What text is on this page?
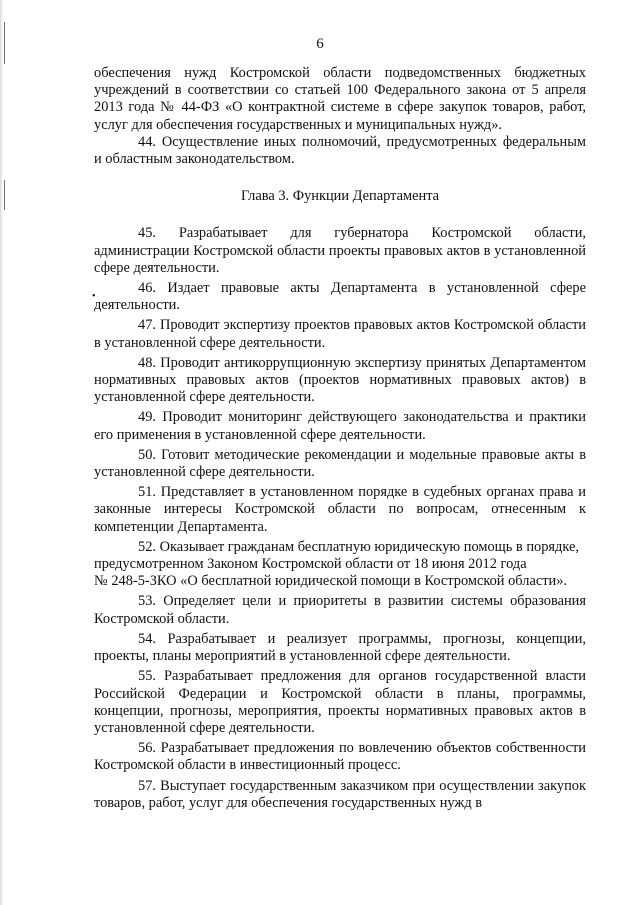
6
•

обеспечения нужд Костромской области подведомственных бюджетных учреждений в соответствии со статьей 100 Федерального закона от 5 апреля 2013 года № 44-ФЗ «О контрактной системе в сфере закупок товаров, работ, услуг для обеспечения государственных и муниципальных нужд».

44. Осуществление иных полномочий, предусмотренных федеральным и областным законодательством.

Глава 3. Функции Департамента

45. Разрабатывает для губернатора Костромской области, администрации Костромской области проекты правовых актов в установленной сфере деятельности.

46. Издает правовые акты Департамента в установленной сфере деятельности.

47. Проводит экспертизу проектов правовых актов Костромской области в установленной сфере деятельности.

48. Проводит антикоррупционную экспертизу принятых Департаментом нормативных правовых актов (проектов нормативных правовых актов) в установленной сфере деятельности.

49. Проводит мониторинг действующего законодательства и практики его применения в установленной сфере деятельности.

50. Готовит методические рекомендации и модельные правовые акты в установленной сфере деятельности.

51. Представляет в установленном порядке в судебных органах права и законные интересы Костромской области по вопросам, отнесенным к компетенции Департамента.

52. Оказывает гражданам бесплатную юридическую помощь в порядке, предусмотренном Законом Костромской области от 18 июня 2012 года

№ 248-5-ЗКО «О бесплатной юридической помощи в Костромской области».

53. Определяет цели и приоритеты в развитии системы образования Костромской области.

54. Разрабатывает и реализует программы, прогнозы, концепции, проекты, планы мероприятий в установленной сфере деятельности.

55. Разрабатывает предложения для органов государственной власти Российской Федерации и Костромской области в планы, программы, концепции, прогнозы, мероприятия, проекты нормативных правовых актов в установленной сфере деятельности.

56. Разрабатывает предложения по вовлечению объектов собственности Костромской области в инвестиционный процесс.

57. Выступает государственным заказчиком при осуществлении закупок товаров, работ, услуг для обеспечения государственных нужд в
